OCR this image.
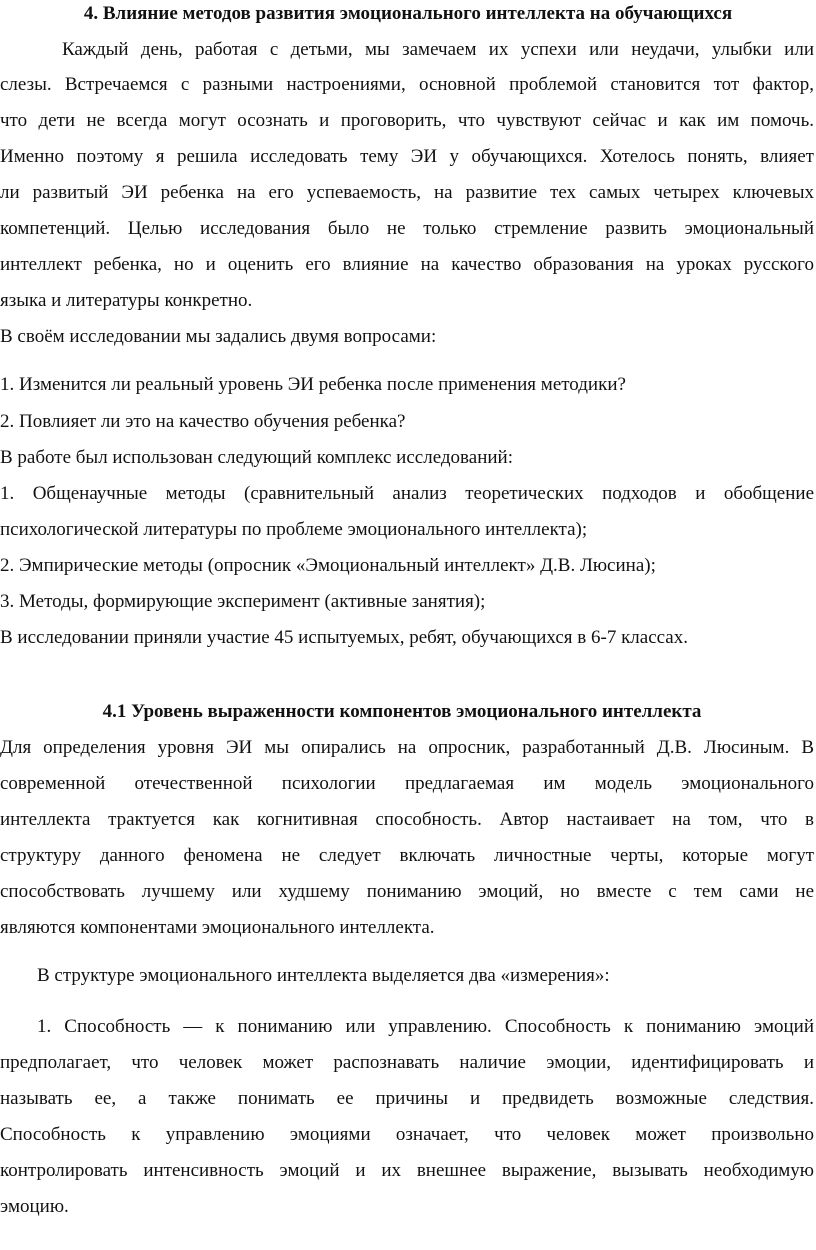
4. Влияние методов развития эмоционального интеллекта на обучающихся
Каждый день, работая с детьми, мы замечаем их успехи или неудачи, улыбки или
слезы. Встречаемся с разными настроениями, основной проблемой становится тот фактор,
что дети не всегда могут осознать и проговорить, что чувствуют сейчас и как им помочь.
Именно поэтому я решила исследовать тему ЭИ у обучающихся. Хотелось понять, влияет
ли развитый ЭИ ребенка на его успеваемость, на развитие тех самых четырех ключевых
компетенций. Целью исследования было не только стремление развить эмоциональный
интеллект ребенка, но и оценить его влияние на качество образования на уроках русского
языка и литературы конкретно.
В своём исследовании мы задались двумя вопросами:
1. Изменится ли реальный уровень ЭИ ребенка после применения методики?
2. Повлияет ли это на качество обучения ребенка?
В работе был использован следующий комплекс исследований:
1. Общенаучные методы (сравнительный анализ теоретических подходов и обобщение
психологической литературы по проблеме эмоционального интеллекта);
2. Эмпирические методы (опросник «Эмоциональный интеллект» Д.В. Люсина);
3. Методы, формирующие эксперимент (активные занятия);
В исследовании приняли участие 45 испытуемых, ребят, обучающихся в 6-7 классах.
4.1 Уровень выраженности компонентов эмоционального интеллекта
Для определения уровня ЭИ мы опирались на опросник, разработанный Д.В. Люсиным. В
современной отечественной психологии предлагаемая им модель эмоционального
интеллекта трактуется как когнитивная способность. Автор настаивает на том, что в
структуру данного феномена не следует включать личностные черты, которые могут
способствовать лучшему или худшему пониманию эмоций, но вместе с тем сами не
являются компонентами эмоционального интеллекта.
В структуре эмоционального интеллекта выделяется два «измерения»:
1. Способность — к пониманию или управлению. Способность к пониманию эмоций
предполагает, что человек может распознавать наличие эмоции, идентифицировать и
называть ее, а также понимать ее причины и предвидеть возможные следствия.
Способность к управлению эмоциями означает, что человек может произвольно
контролировать интенсивность эмоций и их внешнее выражение, вызывать необходимую
эмоцию.
